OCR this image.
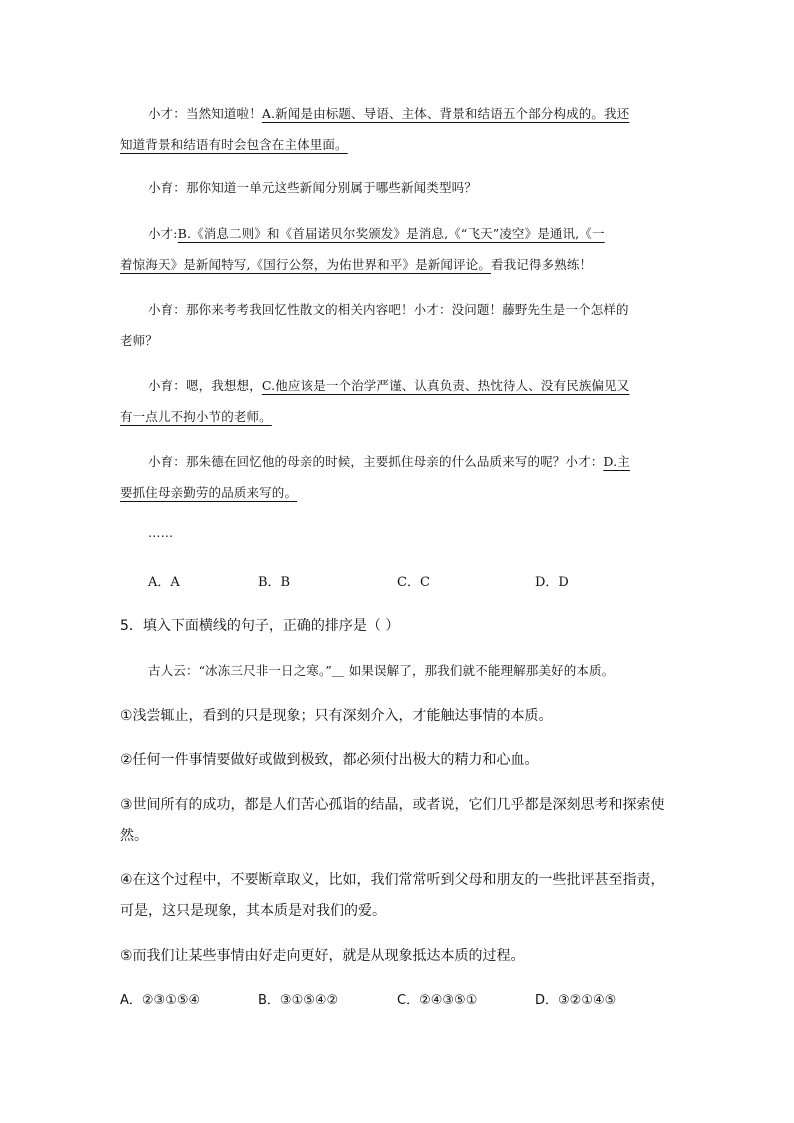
小才：当然知道啦！A.新闻是由标题、导语、主体、背景和结语五个部分构成的。我还
知道背景和结语有时会包含在主体里面。
小育：那你知道一单元这些新闻分别属于哪些新闻类型吗？
小才:B.《消息二则》和《首届诺贝尔奖颁发》是消息,《“飞天”凌空》是通讯,《一
着惊海天》是新闻特写,《国行公祭，为佑世界和平》是新闻评论。看我记得多熟练！
小育：那你来考考我回忆性散文的相关内容吧！小才：没问题！藤野先生是一个怎样的
老师？
小育：嗯，我想想，C.他应该是一个治学严谨、认真负责、热忱待人、没有民族偏见又
有一点儿不拘小节的老师。
小育：那朱德在回忆他的母亲的时候，主要抓住母亲的什么品质来写的呢？小才：D.主
要抓住母亲勤劳的品质来写的。
……
A．A	B．B	C．C	D．D
5．填入下面横线的句子，正确的排序是（ ）
古人云：“冰冻三尺非一日之寒。”＿ 如果误解了，那我们就不能理解那美好的本质。
①浅尝辄止，看到的只是现象；只有深刻介入，才能触达事情的本质。
②任何一件事情要做好或做到极致，都必须付出极大的精力和心血。
③世间所有的成功，都是人们苦心孤诣的结晶，或者说，它们几乎都是深刻思考和探索使
然。
④在这个过程中，不要断章取义，比如，我们常常听到父母和朋友的一些批评甚至指责，
可是，这只是现象，其本质是对我们的爱。
⑤而我们让某些事情由好走向更好，就是从现象抵达本质的过程。
A．②③①⑤④	B．③①⑤④②	C．②④③⑤①	D．③②①④⑤
